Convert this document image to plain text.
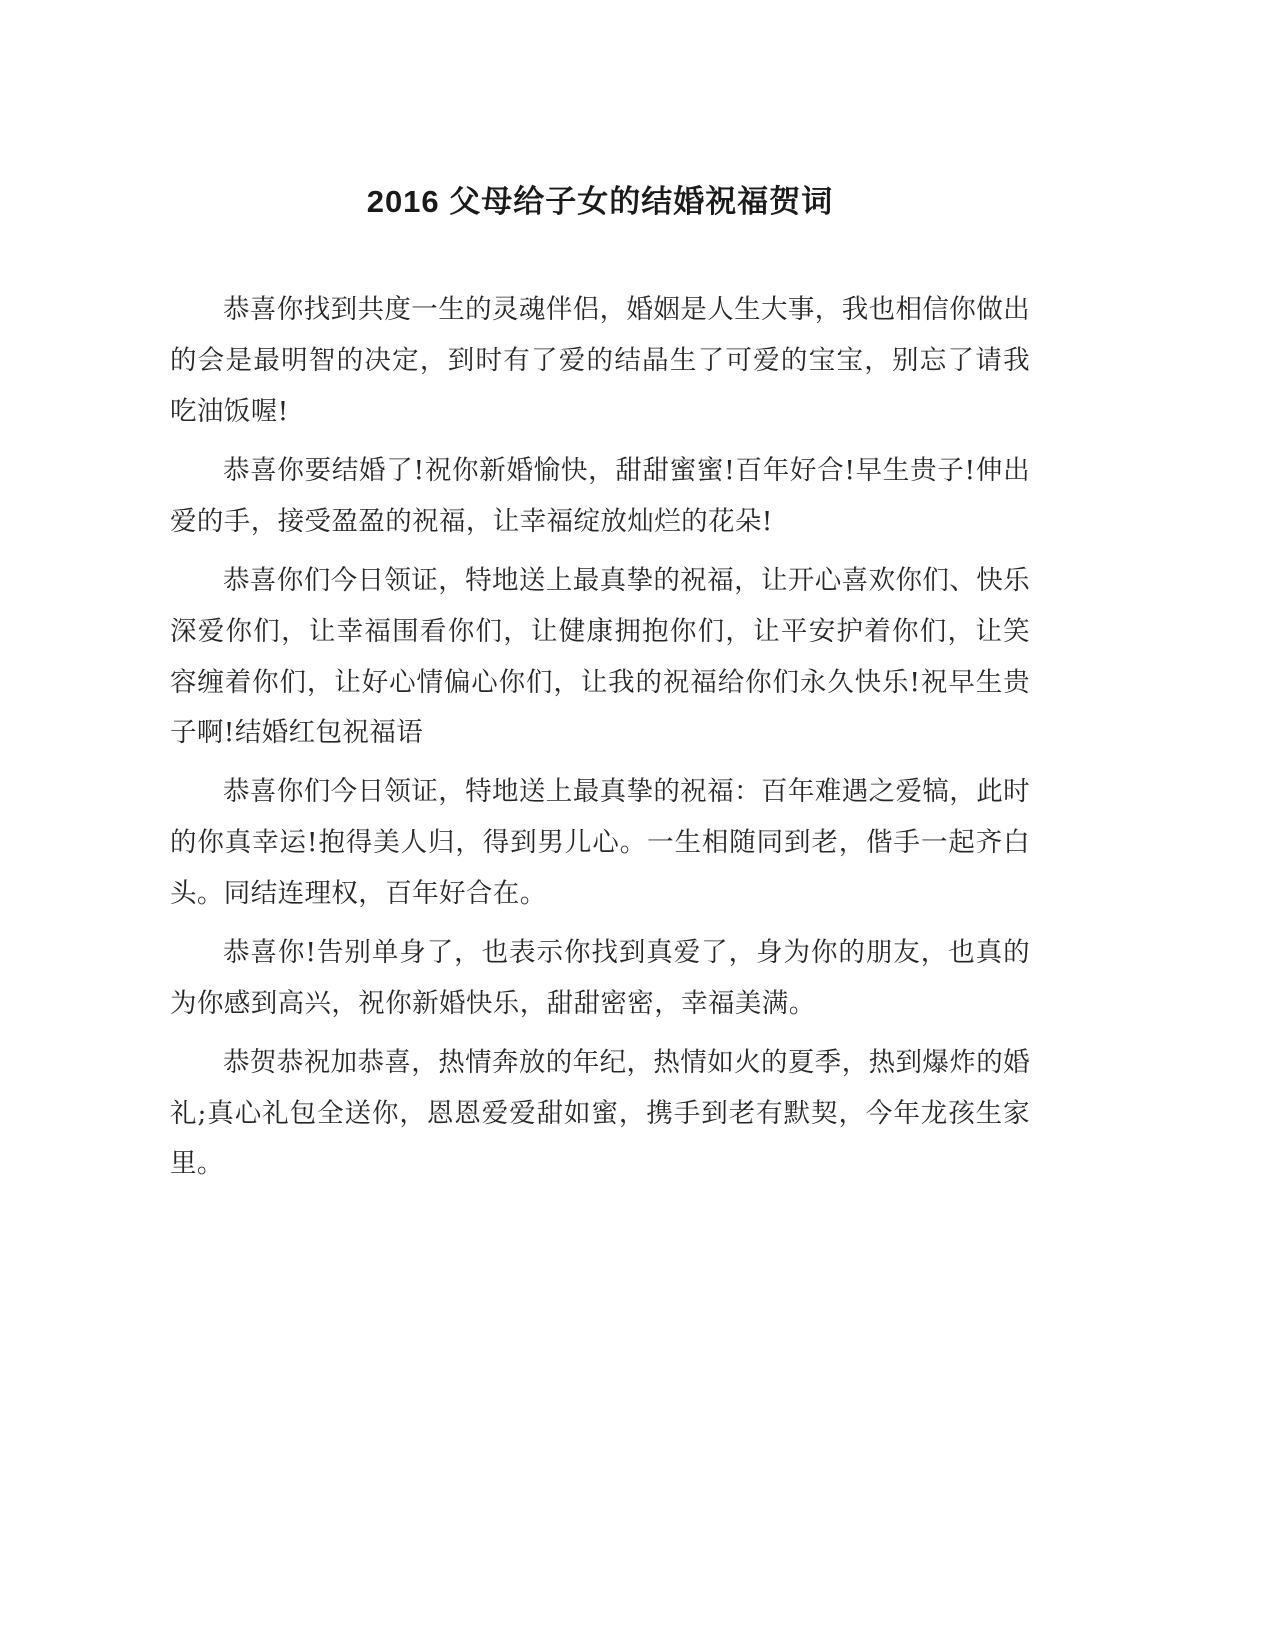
2016 父母给子女的结婚祝福贺词

恭喜你找到共度一生的灵魂伴侣，婚姻是人生大事，我也相信你做出的会是最明智的决定，到时有了爱的结晶生了可爱的宝宝，别忘了请我吃油饭喔!

恭喜你要结婚了!祝你新婚愉快，甜甜蜜蜜!百年好合!早生贵子!伸出爱的手，接受盈盈的祝福，让幸福绽放灿烂的花朵!

恭喜你们今日领证，特地送上最真挚的祝福，让开心喜欢你们、快乐深爱你们，让幸福围看你们，让健康拥抱你们，让平安护着你们，让笑容缠着你们，让好心情偏心你们，让我的祝福给你们永久快乐!祝早生贵子啊!结婚红包祝福语

恭喜你们今日领证，特地送上最真挚的祝福：百年难遇之爱犒，此时的你真幸运!抱得美人归，得到男儿心。一生相随同到老，偕手一起齐白头。同结连理权，百年好合在。

恭喜你!告别单身了，也表示你找到真爱了，身为你的朋友，也真的为你感到高兴，祝你新婚快乐，甜甜密密，幸福美满。

恭贺恭祝加恭喜，热情奔放的年纪，热情如火的夏季，热到爆炸的婚礼;真心礼包全送你，恩恩爱爱甜如蜜，携手到老有默契，今年龙孩生家里。
